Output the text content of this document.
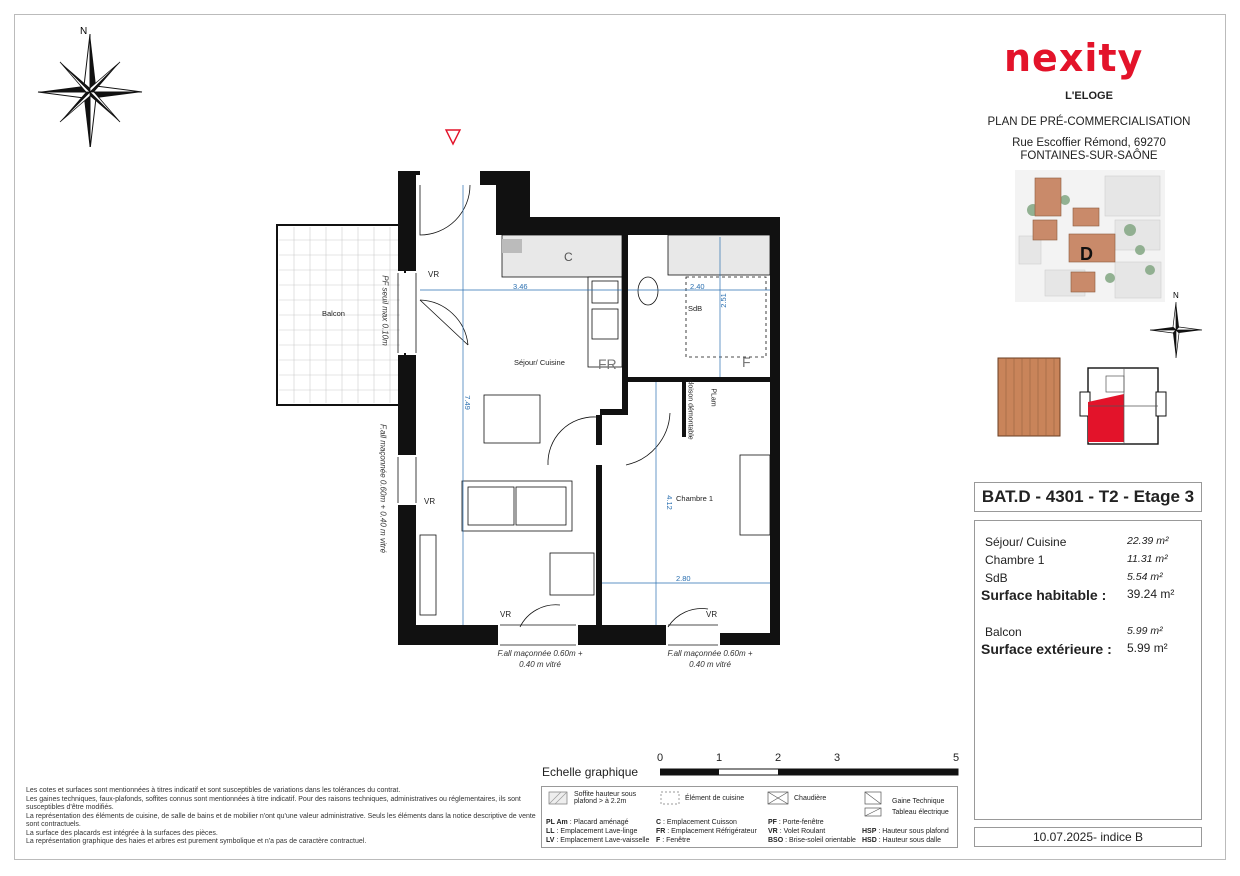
N
Balcon
Séjour/ Cuisine
SdB
Chambre 1
C
FR	F
3.46	2.40
2.51
7.49
4.12
2.80
VR
VR
VR	VR
PF seuil max 0.10m
F.all maçonnée 0.60m + 0.40 m vitré
F.all maçonnée 0.60m +
0.40 m vitré
F.all maçonnée 0.60m +
0.40 m vitré
cloison démontable PLam
nexity
L'ELOGE
PLAN DE PRÉ-COMMERCIALISATION
Rue Escoffier Rémond, 69270
FONTAINES-SUR-SAÔNE
D
N
BAT.D - 4301 - T2 - Etage 3
Séjour/ Cuisine	22.39 m²
Chambre 1	11.31 m²
SdB	5.54 m²
Surface habitable : 39.24 m²
Balcon	5.99 m²
Surface extérieure : 5.99 m²
10.07.2025- indice B
Echelle graphique
0	1	2	3	5
Soffite hauteur sous plafond > à 2.2m	Élément de cuisine	Chaudière	Gaine Technique
Tableau électrique
PL Am : Placard aménagé
LL : Emplacement Lave-linge
LV : Emplacement Lave-vaisselle
C : Emplacement Cuisson
FR : Emplacement Réfrigérateur
F : Fenêtre
PF : Porte-fenêtre
VR : Volet Roulant
BSO : Brise-soleil orientable
HSP : Hauteur sous plafond
HSD : Hauteur sous dalle
Les cotes et surfaces sont mentionnées à titres indicatif et sont susceptibles de variations dans les tolérances du contrat.
Les gaines techniques, faux-plafonds, soffites connus sont mentionnées à titre indicatif. Pour des raisons techniques, administratives ou réglementaires, ils sont susceptibles d'être modifiés.
La représentation des éléments de cuisine, de salle de bains et de mobilier n'ont qu'une valeur administrative. Seuls les éléments dans la notice descriptive de vente sont contractuels.
La surface des placards est intégrée à la surfaces des pièces.
La représentation graphique des haies et arbres est purement symbolique et n'a pas de caractère contractuel.
